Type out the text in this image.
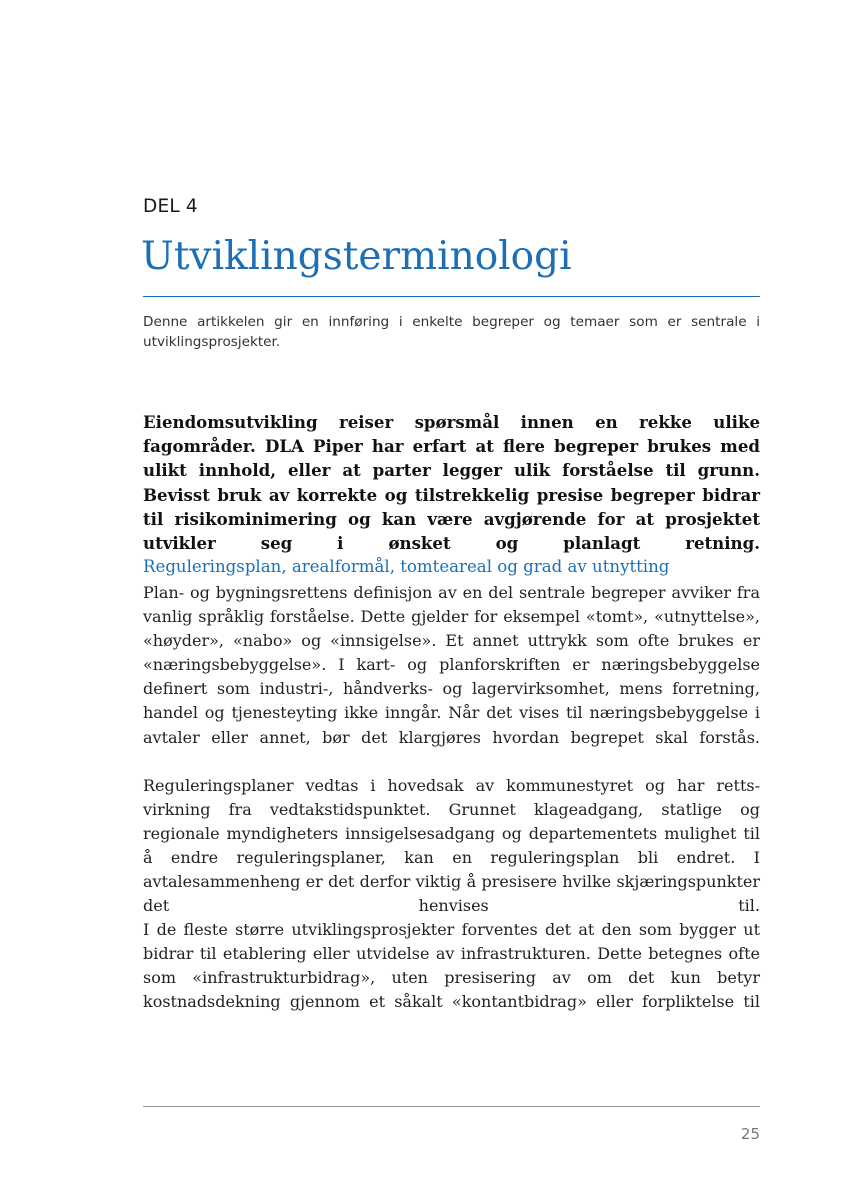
DEL 4
Utviklingsterminologi

Denne artikkelen gir en innføring i enkelte begreper og temaer som er sentrale i utviklingsprosjekter.

Eiendomsutvikling reiser spørsmål innen en rekke ulike fagområder. DLA Piper har erfart at flere begreper brukes med ulikt innhold, eller at parter legger ulik forståelse til grunn. Bevisst bruk av korrekte og tilstrekkelig presise begreper bidrar til risikominimering og kan være avgjørende for at prosjektet utvikler seg i ønsket og planlagt retning.

Reguleringsplan, arealformål, tomteareal og grad av utnytting

Plan- og bygningsrettens definisjon av en del sentrale begreper avviker fra vanlig språklig forståelse. Dette gjelder for eksempel «tomt», «utnyttelse», «høyder», «nabo» og «innsigelse». Et annet uttrykk som ofte brukes er «næringsbebyggelse». I kart- og planforskriften er næringsbebyggelse definert som industri-, håndverks- og lagervirksomhet, mens forretning, handel og tjenesteyting ikke inngår. Når det vises til næringsbebyggelse i avtaler eller annet, bør det klargjøres hvordan begrepet skal forstås.

Reguleringsplaner vedtas i hovedsak av kommunestyret og har retts-virkning fra vedtakstidspunktet. Grunnet klageadgang, statlige og regionale myndigheters innsigelsesadgang og departementets mulighet til å endre reguleringsplaner, kan en reguleringsplan bli endret. I avtalesammenheng er det derfor viktig å presisere hvilke skjæringspunkter det henvises til.

I de fleste større utviklingsprosjekter forventes det at den som bygger ut bidrar til etablering eller utvidelse av infrastrukturen. Dette betegnes ofte som «infrastrukturbidrag», uten presisering av om det kun betyr kostnadsdekning gjennom et såkalt «kontantbidrag» eller forpliktelse til

25
